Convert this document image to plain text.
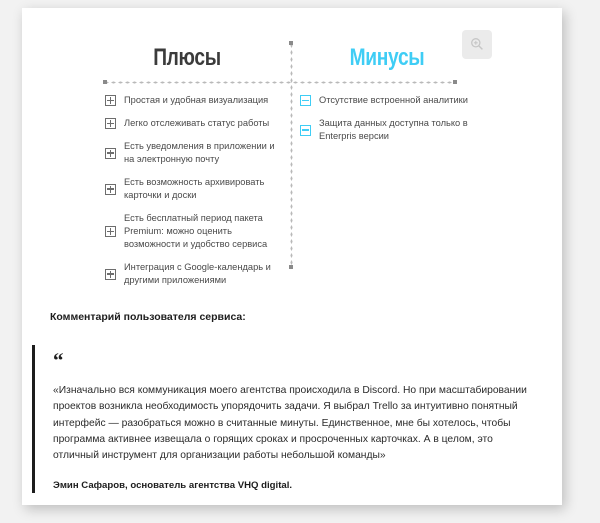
Плюсы	Минусы
Простая и удобная визуализация
Легко отслеживать статус работы
Есть уведомления в приложении и на электронную почту
Есть возможность архивировать карточки и доски
Есть бесплатный период пакета Premium: можно оценить возможности и удобство сервиса
Интеграция с Google-календарь и другими приложениями
Отсутствие встроенной аналитики
Защита данных доступна только в Enterpris версии
Комментарий пользователя сервиса:
“
«Изначально вся коммуникация моего агентства происходила в Discord. Но при масштабировании проектов возникла необходимость упорядочить задачи. Я выбрал Trello за интуитивно понятный интерфейс — разобраться можно в считанные минуты. Единственное, мне бы хотелось, чтобы программа активнее извещала о горящих сроках и просроченных карточках. А в целом, это отличный инструмент для организации работы небольшой команды»
Эмин Сафаров, основатель агентства VHQ digital.
